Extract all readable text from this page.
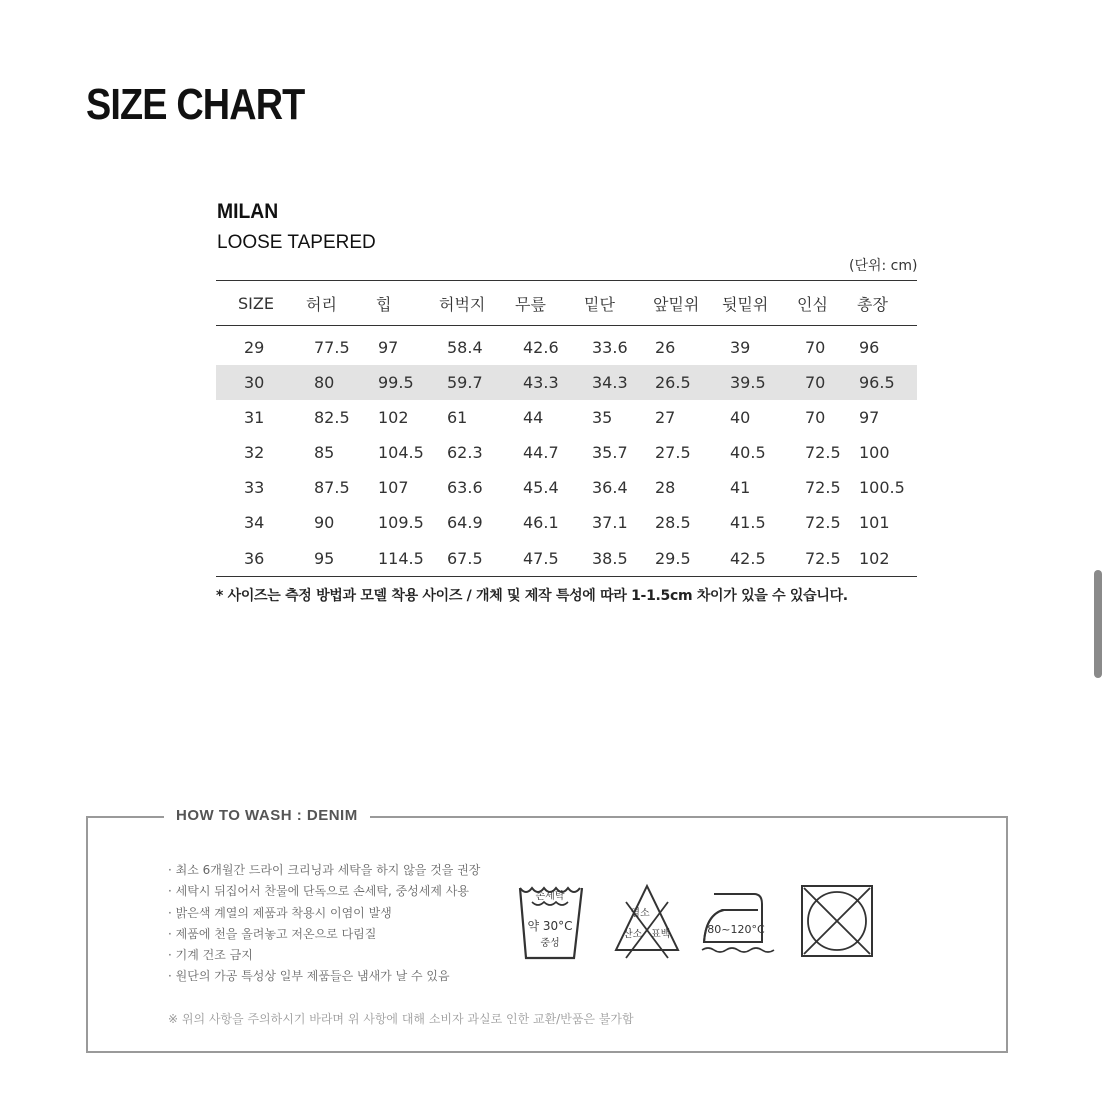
SIZE CHART
MILAN
LOOSE TAPERED
(단위: cm)
SIZE	허리	힙	허벅지	무릎	밑단	앞밑위	뒷밑위	인심	총장
29	77.5	97	58.4	42.6	33.6	26	39	70	96
30	80	99.5	59.7	43.3	34.3	26.5	39.5	70	96.5
31	82.5	102	61	44	35	27	40	70	97
32	85	104.5	62.3	44.7	35.7	27.5	40.5	72.5	100
33	87.5	107	63.6	45.4	36.4	28	41	72.5	100.5
34	90	109.5	64.9	46.1	37.1	28.5	41.5	72.5	101
36	95	114.5	67.5	47.5	38.5	29.5	42.5	72.5	102
* 사이즈는 측정 방법과 모델 착용 사이즈 / 개체 및 제작 특성에 따라 1-1.5cm 차이가 있을 수 있습니다.
HOW TO WASH : DENIM
· 최소 6개월간 드라이 크리닝과 세탁을 하지 않을 것을 권장
· 세탁시 뒤집어서 찬물에 단독으로 손세탁, 중성세제 사용
· 밝은색 계열의 제품과 착용시 이염이 발생
· 제품에 천을 올려놓고 저온으로 다림질
· 기계 건조 금지
· 원단의 가공 특성상 일부 제품들은 냄새가 날 수 있음
※ 위의 사항을 주의하시기 바라며 위 사항에 대해 소비자 과실로 인한 교환/반품은 불가함
손세탁
약 30°C
중성
염소
산소 표백	80~120°C
